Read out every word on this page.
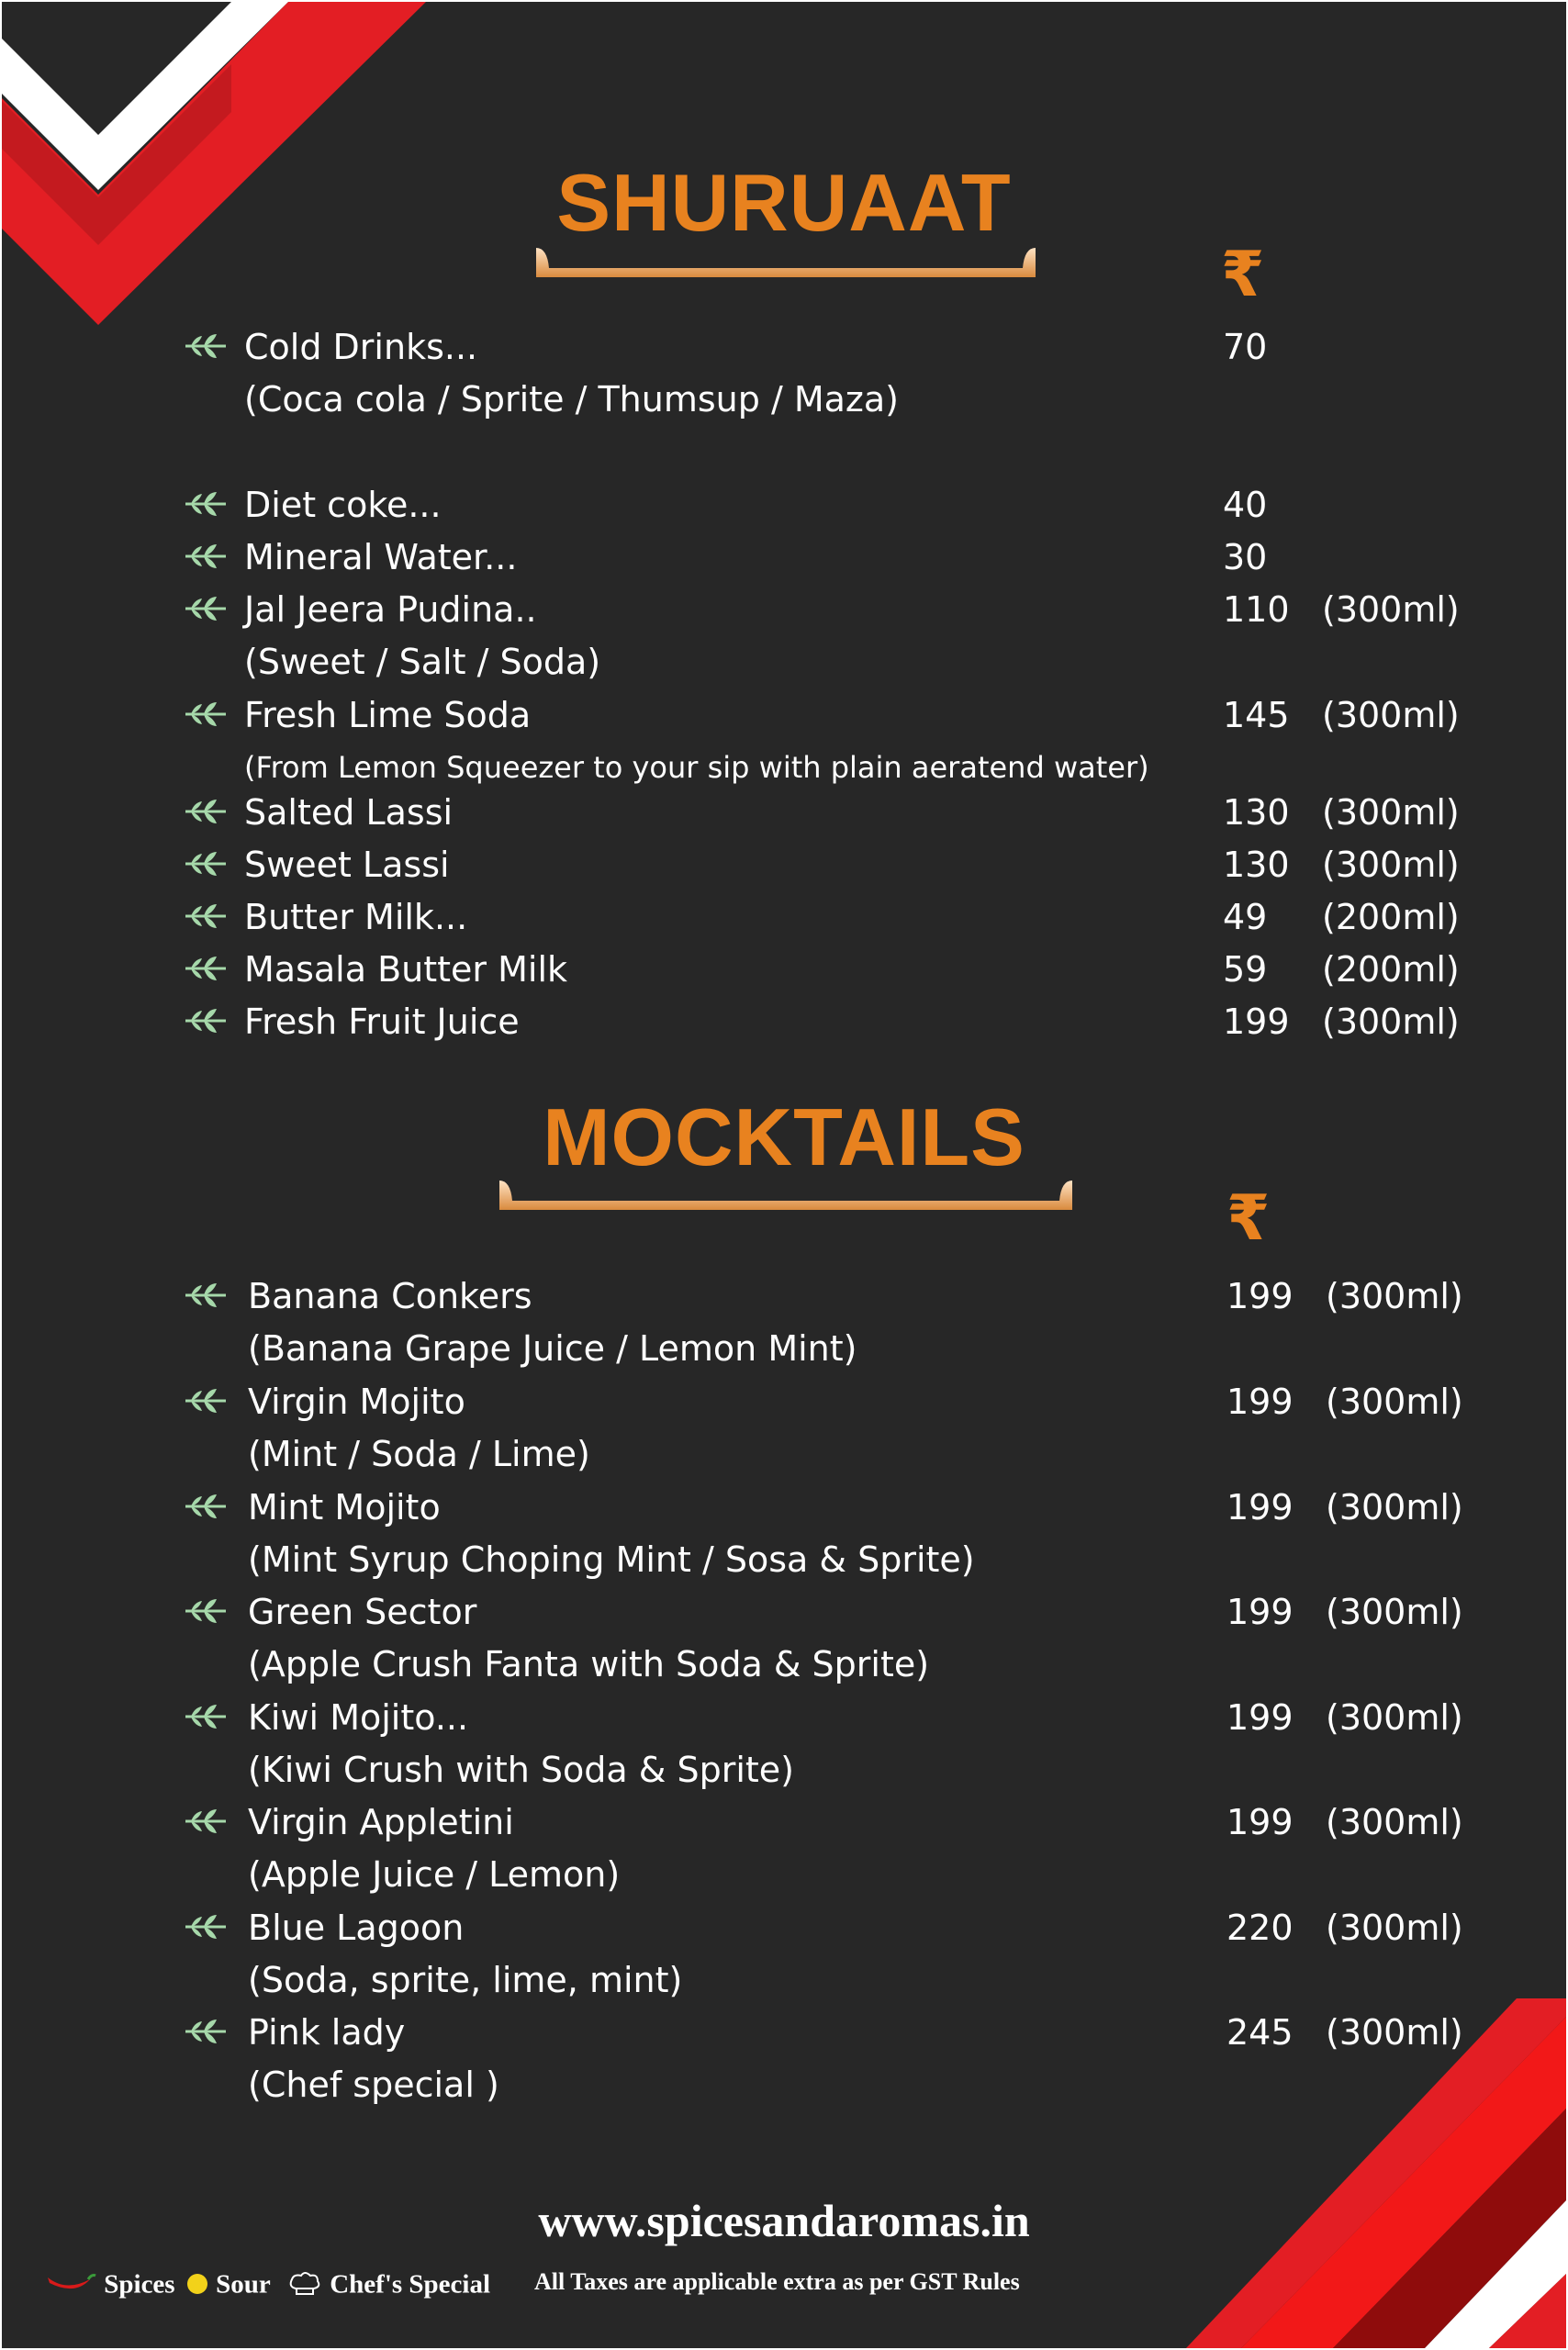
SHURUAAT
₹
Cold Drinks...	70
(Coca cola / Sprite / Thumsup / Maza)
Diet coke...	40
Mineral Water...	30
Jal Jeera Pudina..	110 (300ml)
(Sweet / Salt / Soda)
Fresh Lime Soda	145 (300ml)
(From Lemon Squeezer to your sip with plain aeratend water)
Salted Lassi	130 (300ml)
Sweet Lassi	130 (300ml)
Butter Milk...	49 (200ml)
Masala Butter Milk	59 (200ml)
Fresh Fruit Juice	199 (300ml)
MOCKTAILS
₹
Banana Conkers	199 (300ml)
(Banana Grape Juice / Lemon Mint)
Virgin Mojito	199 (300ml)
(Mint / Soda / Lime)
Mint Mojito	199 (300ml)
(Mint Syrup Choping Mint / Sosa & Sprite)
Green Sector	199 (300ml)
(Apple Crush Fanta with Soda & Sprite)
Kiwi Mojito...	199 (300ml)
(Kiwi Crush with Soda & Sprite)
Virgin Appletini	199 (300ml)
(Apple Juice / Lemon)
Blue Lagoon	220 (300ml)
(Soda, sprite, lime, mint)
Pink lady	245 (300ml)
(Chef special )
www.spicesandaromas.in
Spices Sour Chef's Special All Taxes are applicable extra as per GST Rules
